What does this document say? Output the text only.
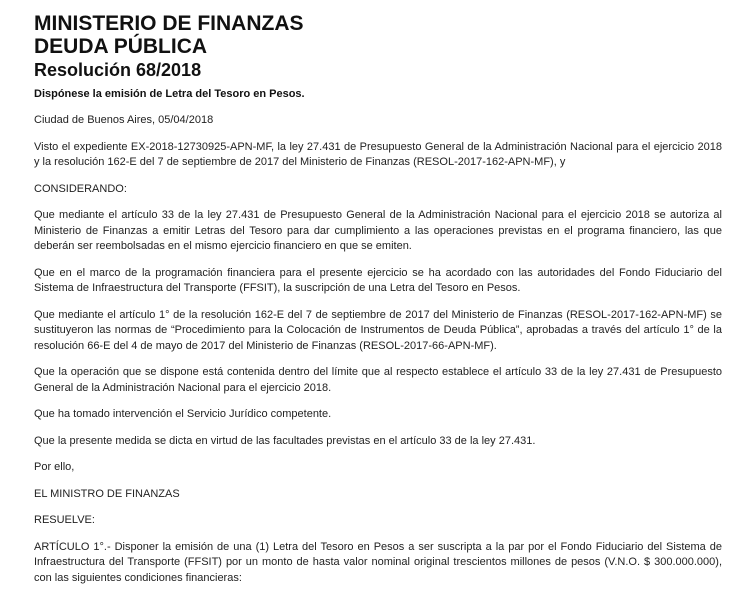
MINISTERIO DE FINANZAS
DEUDA PÚBLICA
Resolución 68/2018
Dispónese la emisión de Letra del Tesoro en Pesos.

Ciudad de Buenos Aires, 05/04/2018

Visto el expediente EX-2018-12730925-APN-MF, la ley 27.431 de Presupuesto General de la Administración Nacional para el ejercicio 2018 y la resolución 162-E del 7 de septiembre de 2017 del Ministerio de Finanzas (RESOL-2017-162-APN-MF), y

CONSIDERANDO:

Que mediante el artículo 33 de la ley 27.431 de Presupuesto General de la Administración Nacional para el ejercicio 2018 se autoriza al Ministerio de Finanzas a emitir Letras del Tesoro para dar cumplimiento a las operaciones previstas en el programa financiero, las que deberán ser reembolsadas en el mismo ejercicio financiero en que se emiten.

Que en el marco de la programación financiera para el presente ejercicio se ha acordado con las autoridades del Fondo Fiduciario del Sistema de Infraestructura del Transporte (FFSIT), la suscripción de una Letra del Tesoro en Pesos.

Que mediante el artículo 1° de la resolución 162-E del 7 de septiembre de 2017 del Ministerio de Finanzas (RESOL-2017-162-APN-MF) se sustituyeron las normas de “Procedimiento para la Colocación de Instrumentos de Deuda Pública”, aprobadas a través del artículo 1° de la resolución 66-E del 4 de mayo de 2017 del Ministerio de Finanzas (RESOL-2017-66-APN-MF).

Que la operación que se dispone está contenida dentro del límite que al respecto establece el artículo 33 de la ley 27.431 de Presupuesto General de la Administración Nacional para el ejercicio 2018.

Que ha tomado intervención el Servicio Jurídico competente.

Que la presente medida se dicta en virtud de las facultades previstas en el artículo 33 de la ley 27.431.

Por ello,

EL MINISTRO DE FINANZAS

RESUELVE:

ARTÍCULO 1°.- Disponer la emisión de una (1) Letra del Tesoro en Pesos a ser suscripta a la par por el Fondo Fiduciario del Sistema de Infraestructura del Transporte (FFSIT) por un monto de hasta valor nominal original trescientos millones de pesos (V.N.O. $ 300.000.000), con las siguientes condiciones financieras:
